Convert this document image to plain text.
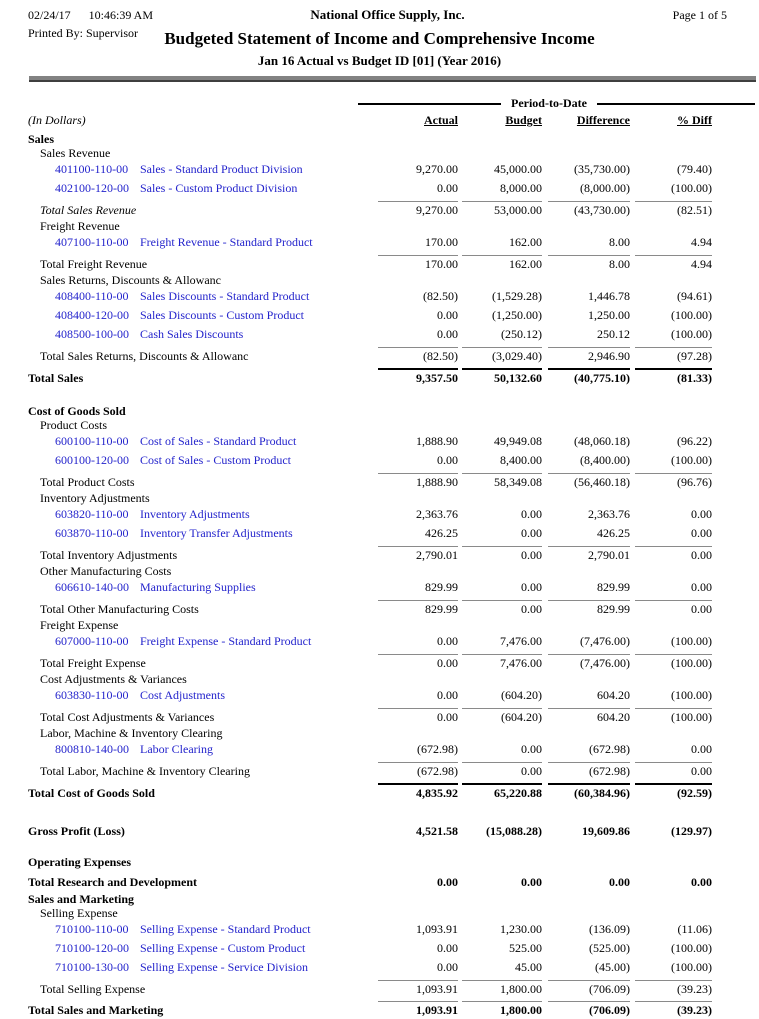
02/24/17 10:46:39 AM	National Office Supply, Inc.	Page 1 of 5
Printed By: Supervisor	Budgeted Statement of Income and Comprehensive Income
Jan 16 Actual vs Budget ID [01] (Year 2016)
Period-to-Date
(In Dollars)	Actual	Budget	Difference	% Diff
Sales
Sales Revenue
401100-110-00 Sales - Standard Product Division	9,270.00	45,000.00	(35,730.00)	(79.40)
402100-120-00 Sales - Custom Product Division	0.00	8,000.00	(8,000.00)	(100.00)
Total Sales Revenue	9,270.00	53,000.00	(43,730.00)	(82.51)
Freight Revenue
407100-110-00 Freight Revenue - Standard Product	170.00	162.00	8.00	4.94
Total Freight Revenue	170.00	162.00	8.00	4.94
Sales Returns, Discounts & Allowanc
408400-110-00 Sales Discounts - Standard Product	(82.50)	(1,529.28)	1,446.78	(94.61)
408400-120-00 Sales Discounts - Custom Product	0.00	(1,250.00)	1,250.00	(100.00)
408500-100-00 Cash Sales Discounts	0.00	(250.12)	250.12	(100.00)
Total Sales Returns, Discounts & Allowanc	(82.50)	(3,029.40)	2,946.90	(97.28)
Total Sales	9,357.50	50,132.60	(40,775.10)	(81.33)
Cost of Goods Sold
Product Costs
600100-110-00 Cost of Sales - Standard Product	1,888.90	49,949.08	(48,060.18)	(96.22)
600100-120-00 Cost of Sales - Custom Product	0.00	8,400.00	(8,400.00)	(100.00)
Total Product Costs	1,888.90	58,349.08	(56,460.18)	(96.76)
Inventory Adjustments
603820-110-00 Inventory Adjustments	2,363.76	0.00	2,363.76	0.00
603870-110-00 Inventory Transfer Adjustments	426.25	0.00	426.25	0.00
Total Inventory Adjustments	2,790.01	0.00	2,790.01	0.00
Other Manufacturing Costs
606610-140-00 Manufacturing Supplies	829.99	0.00	829.99	0.00
Total Other Manufacturing Costs	829.99	0.00	829.99	0.00
Freight Expense
607000-110-00 Freight Expense - Standard Product	0.00	7,476.00	(7,476.00)	(100.00)
Total Freight Expense	0.00	7,476.00	(7,476.00)	(100.00)
Cost Adjustments & Variances
603830-110-00 Cost Adjustments	0.00	(604.20)	604.20	(100.00)
Total Cost Adjustments & Variances	0.00	(604.20)	604.20	(100.00)
Labor, Machine & Inventory Clearing
800810-140-00 Labor Clearing	(672.98)	0.00	(672.98)	0.00
Total Labor, Machine & Inventory Clearing	(672.98)	0.00	(672.98)	0.00
Total Cost of Goods Sold	4,835.92	65,220.88	(60,384.96)	(92.59)
Gross Profit (Loss)	4,521.58	(15,088.28)	19,609.86	(129.97)
Operating Expenses
Total Research and Development	0.00	0.00	0.00	0.00
Sales and Marketing
Selling Expense
710100-110-00 Selling Expense - Standard Product	1,093.91	1,230.00	(136.09)	(11.06)
710100-120-00 Selling Expense - Custom Product	0.00	525.00	(525.00)	(100.00)
710100-130-00 Selling Expense - Service Division	0.00	45.00	(45.00)	(100.00)
Total Selling Expense	1,093.91	1,800.00	(706.09)	(39.23)
Total Sales and Marketing	1,093.91	1,800.00	(706.09)	(39.23)
